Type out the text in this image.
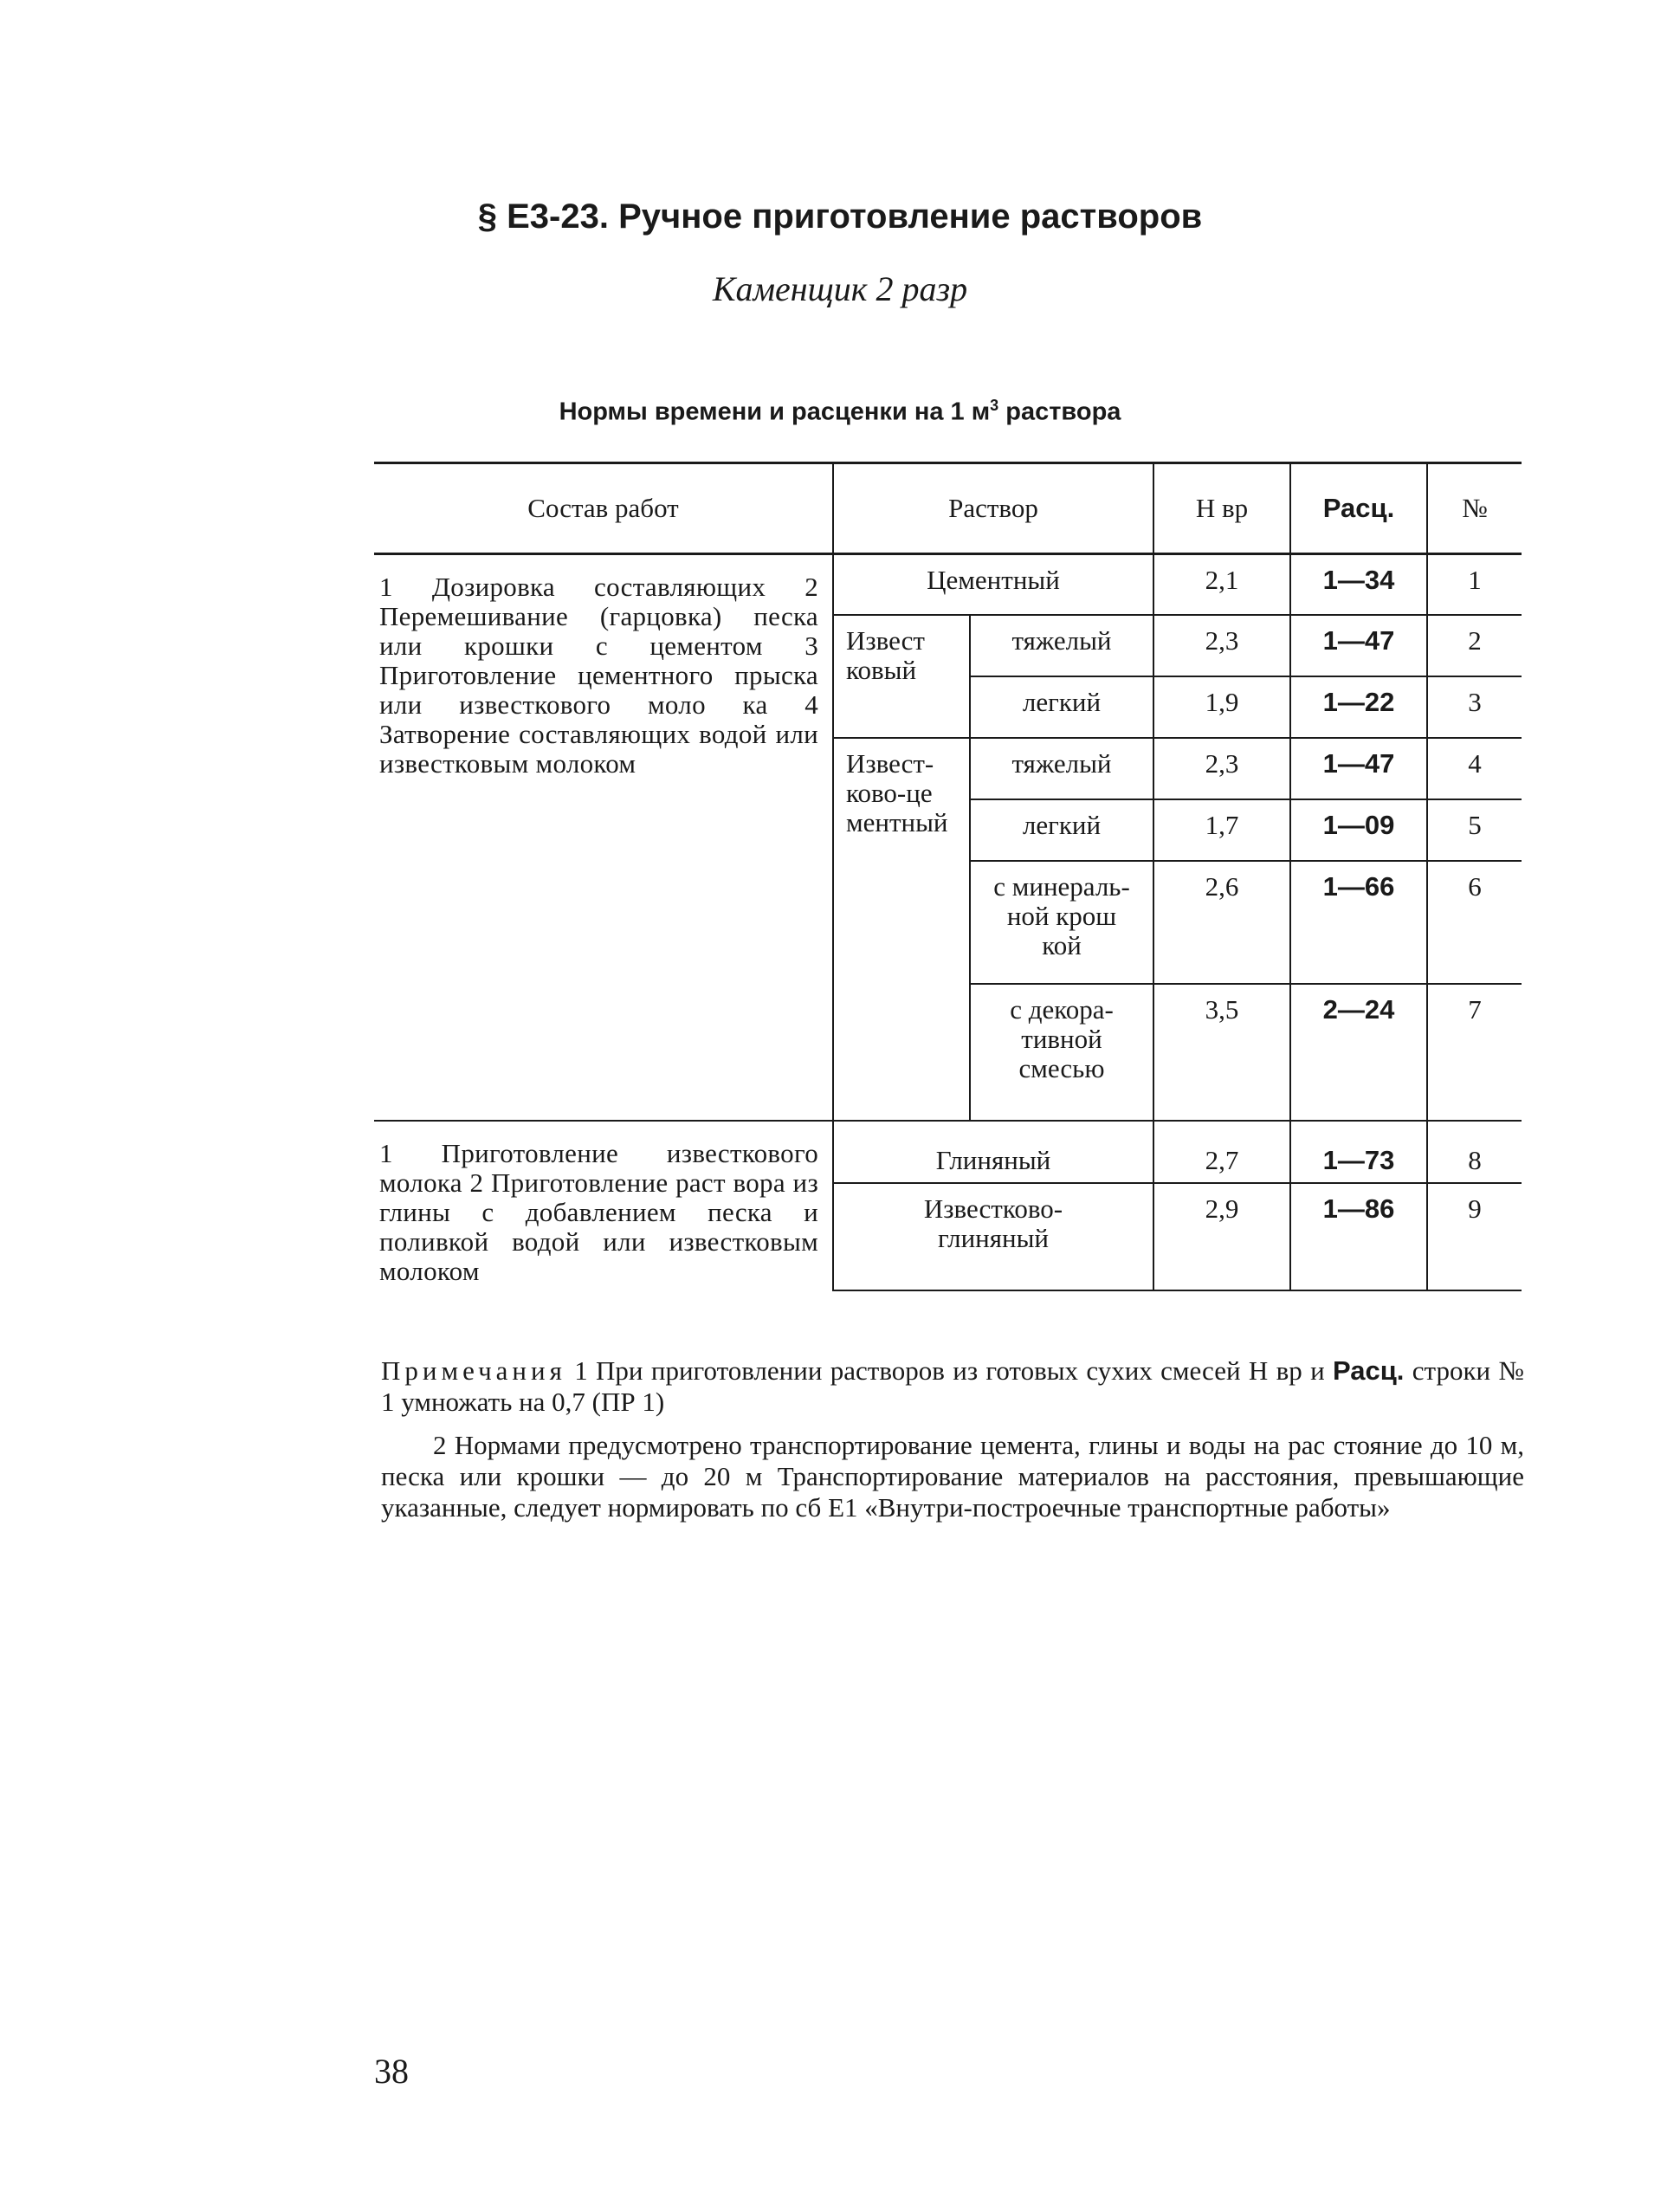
§ Е3-23. Ручное приготовление растворов
Каменщик 2 разр
Нормы времени и расценки на 1 $м^3$ раствора
Состав работ	Раствор		Н вр	Расц.	№
1 Дозировка составляющих 2 Перемешивание (гарцовка) песка или крошки с цементом 3 Приготовление цементного прыска или известкового моло ка 4 Затворение составляющих водой или известковым молоком	Цементный		2,1	1—34	1
	Извест ковый	тяжелый	2,3	1—47	2
		легкий	1,9	1—22	3
	Извест-ково-це ментный	тяжелый	2,3	1—47	4
		легкий	1,7	1—09	5
		с минераль-ной крош кой	2,6	1—66	6
		с декора-тивной смесью	3,5	2—24	7
1 Приготовление известкового молока 2 Приготовление раст вора из глины с добавлением песка и поливкой водой или известковым молоком	Глиняный		2,7	1—73	8
	Известково-глиняный		2,9	1—86	9

Примечания 1 При приготовлении растворов из готовых сухих смесей Н вр и Расц. строки № 1 умножать на 0,7 (ПР 1)

2 Нормами предусмотрено транспортирование цемента, глины и воды на рас стояние до 10 м, песка или крошки — до 20 м Транспортирование материалов на расстояния, превышающие указанные, следует нормировать по сб Е1 «Внутри-построечные транспортные работы»

38
